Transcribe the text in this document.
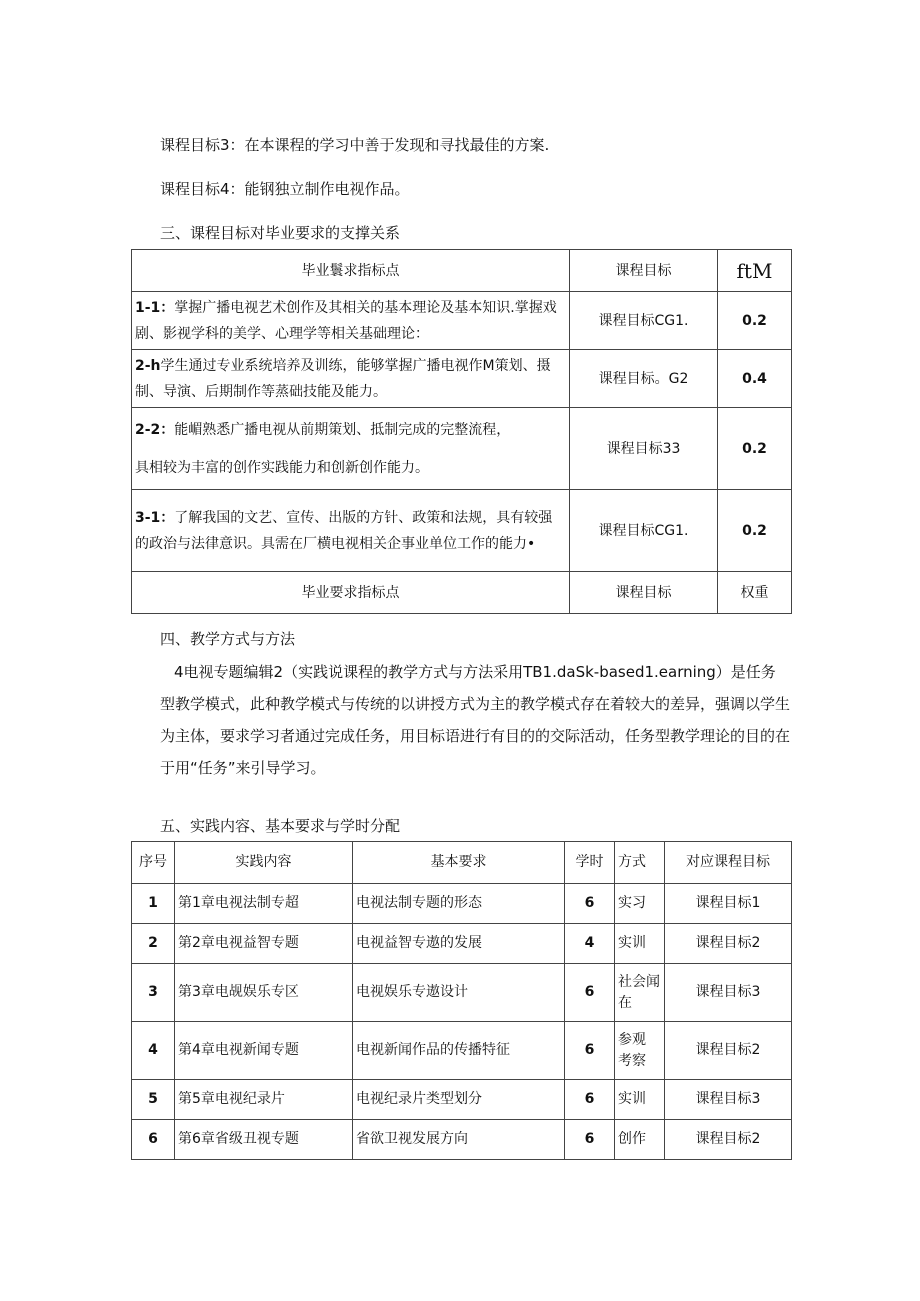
课程目标3：在本课程的学习中善于发现和寻找最佳的方案.
课程目标4：能钢独立制作电视作品。
三、课程目标对毕业要求的支撑关系
毕业鬟求指标点	课程目标	ftM
1-1：掌握广播电视艺术创作及其相关的基本理论及基本知识.掌握戏剧、影视学科的美学、心理学等相关基础理论：	课程目标CG1.	0.2
2-h学生通过专业系统培养及训练，能够掌握广播电视作M策划、摄制、导演、后期制作等蒸础技能及能力。	课程目标。G2	0.4

2-2：能嵋熟悉广播电视从前期策划、抵制完成的完整流程，
具相较为丰富的创作实践能力和创新创作能力。	课程目标33	0.2
3-1：了解我国的文艺、宣传、出版的方针、政策和法规，具有较强的政治与法律意识。具需在厂横电视相关企事业单位工作的能力•	课程目标CG1.	0.2
毕业要求指标点	课程目标	权重
四、教学方式与方法
4电视专题编辑2（实践说课程的教学方式与方法采用TB1.daSk-based1.earning）是任务型教学模式，此种教学模式与传统的以讲授方式为主的教学模式存在着较大的差异，强调以学生为主体，要求学习者通过完成任务，用目标语进行有目的的交际活动，任务型教学理论的目的在于用“任务”来引导学习。
五、实践内容、基本要求与学时分配
序号	实践内容	基本要求	学时	方式	对应课程目标
1	第1章电视法制专超	电视法制专题的形态	6	实习	课程目标1
2	第2章电视益智专题	电视益智专遨的发展	4	实训	课程目标2
3	第3章电觇娱乐专区	电视娱乐专遨设计	6	社会闻
在	课程目标3
4	第4章电视新闻专题	电视新闻作品的传播特征	6	参观
考察	课程目标2
5	第5章电视纪录片	电视纪录片类型划分	6	实训	课程目标3
6	第6章省级丑视专题	省欲卫视发展方向	6	创作	课程目标2
